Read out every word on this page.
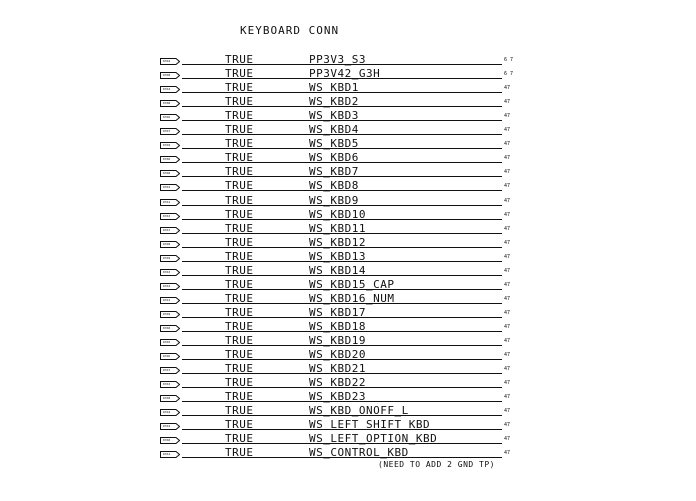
KEYBOARD CONN
D3S4	TRUE	PP3V3_S3	6 7
D3S8	TRUE	PP3V42_G3H	6 7
D3S4	TRUE	WS KBD1	47
D3S8	TRUE	WS_KBD2	47
D3S6	TRUE	WS_KBD3	47
D3S7	TRUE	WS_KBD4	47
D3S9	TRUE	WS_KBD5	47
D3S0	TRUE	WS KBD6	47
D3S0	TRUE	WS_KBD7	47
D3S2	TRUE	WS_KBD8	47
D3S1	TRUE	WS_KBD9	47
D3S3	TRUE	WS_KBD10	47
D3S7	TRUE	WS_KBD11	47
D3S8	TRUE	WS_KBD12	47
D3S9	TRUE	WS_KBD13	47
D3S3	TRUE	WS KBD14	47
D3S2	TRUE	WS_KBD15_CAP	47
D3S1	TRUE	WS_KBD16_NUM	47
D3S9	TRUE	WS KBD17	47
D3S0	TRUE	WS_KBD18	47
D3S5	TRUE	WS_KBD19	47
D3S6	TRUE	WS_KBD20	47
D3S7	TRUE	WS KBD21	47
D3S3	TRUE	WS KBD22	47
D3S8	TRUE	WS_KBD23	47
D3S4	TRUE	WS_KBD_ONOFF_L	47
D3S2	TRUE	WS LEFT SHIFT KBD	47
D3S0	TRUE	WS_LEFT_OPTION_KBD	47
D3S1	TRUE	WS_CONTROL_KBD	47
(NEED TO ADD 2 GND TP)
